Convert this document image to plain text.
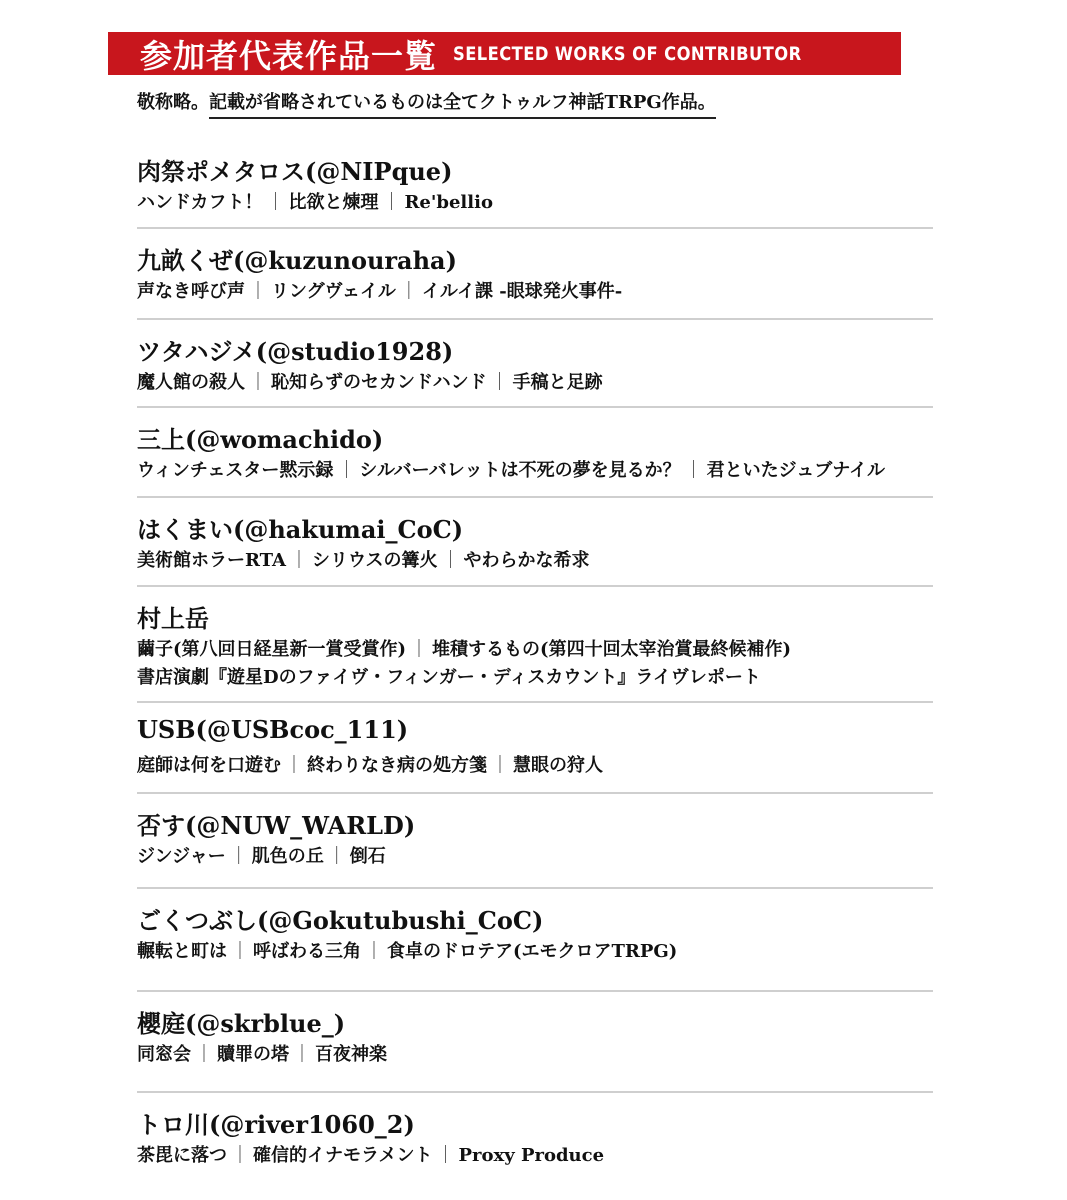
参加者代表作品一覧 SELECTED WORKS OF CONTRIBUTOR
敬称略。記載が省略されているものは全てクトゥルフ神話TRPG作品。
肉祭ポメタロス(@NIPque)
ハンドカフト！ ｜ 比欲と煉理 ｜ Re'bellio
九畝くぜ(@kuzunouraha)
声なき呼び声 ｜ リングヴェイル ｜ イルイ課 -眼球発火事件-
ツタハジメ(@studio1928)
魔人館の殺人 ｜ 恥知らずのセカンドハンド ｜ 手稿と足跡
三上(@womachido)
ウィンチェスター黙示録 ｜ シルバーバレットは不死の夢を見るか？ ｜ 君といたジュブナイル
はくまい(@hakumai_CoC)
美術館ホラーRTA ｜ シリウスの篝火 ｜ やわらかな希求
村上岳
繭子(第八回日経星新一賞受賞作) ｜ 堆積するもの(第四十回太宰治賞最終候補作)
書店演劇『遊星Dのファイヴ・フィンガー・ディスカウント』ライヴレポート
USB(@USBcoc_111)
庭師は何を口遊む ｜ 終わりなき病の処方箋 ｜ 慧眼の狩人
否す(@NUW_WARLD)
ジンジャー ｜ 肌色の丘 ｜ 倒石
ごくつぶし(@Gokutubushi_CoC)
輾転と町は ｜ 呼ばわる三角 ｜ 食卓のドロテア(エモクロアTRPG)
櫻庭(@skrblue_)
同窓会 ｜ 贖罪の塔 ｜ 百夜神楽
トロ川(@river1060_2)
茶毘に落つ ｜ 確信的イナモラメント ｜ Proxy Produce
